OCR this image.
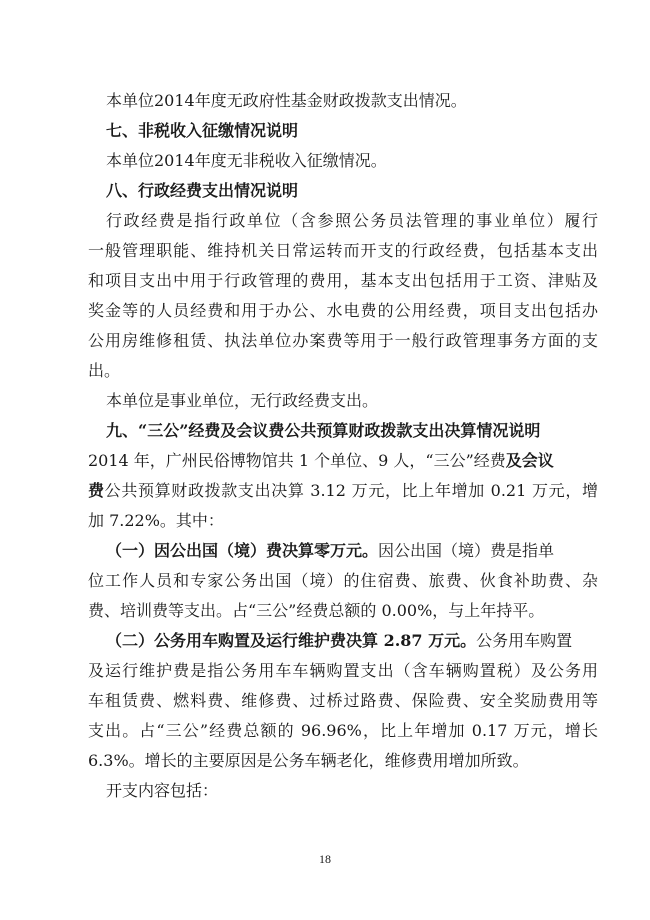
本单位2014年度无政府性基金财政拨款支出情况。
七、非税收入征缴情况说明
本单位2014年度无非税收入征缴情况。
八、行政经费支出情况说明
行政经费是指行政单位（含参照公务员法管理的事业单位）履行
一般管理职能、维持机关日常运转而开支的行政经费，包括基本支出
和项目支出中用于行政管理的费用，基本支出包括用于工资、津贴及
奖金等的人员经费和用于办公、水电费的公用经费，项目支出包括办
公用房维修租赁、执法单位办案费等用于一般行政管理事务方面的支
出。
本单位是事业单位，无行政经费支出。
九、“三公”经费及会议费公共预算财政拨款支出决算情况说明
2014 年，广州民俗博物馆共 1 个单位、9 人，“三公”经费及会议
费公共预算财政拨款支出决算 3.12 万元，比上年增加 0.21 万元，增
加 7.22%。其中：
（一）因公出国（境）费决算零万元。因公出国（境）费是指单
位工作人员和专家公务出国（境）的住宿费、旅费、伙食补助费、杂
费、培训费等支出。占“三公”经费总额的 0.00%，与上年持平。
（二）公务用车购置及运行维护费决算 2.87 万元。公务用车购置
及运行维护费是指公务用车车辆购置支出（含车辆购置税）及公务用
车租赁费、燃料费、维修费、过桥过路费、保险费、安全奖励费用等
支出。占“三公”经费总额的 96.96%，比上年增加 0.17 万元，增长
6.3%。增长的主要原因是公务车辆老化，维修费用增加所致。
开支内容包括：
18
